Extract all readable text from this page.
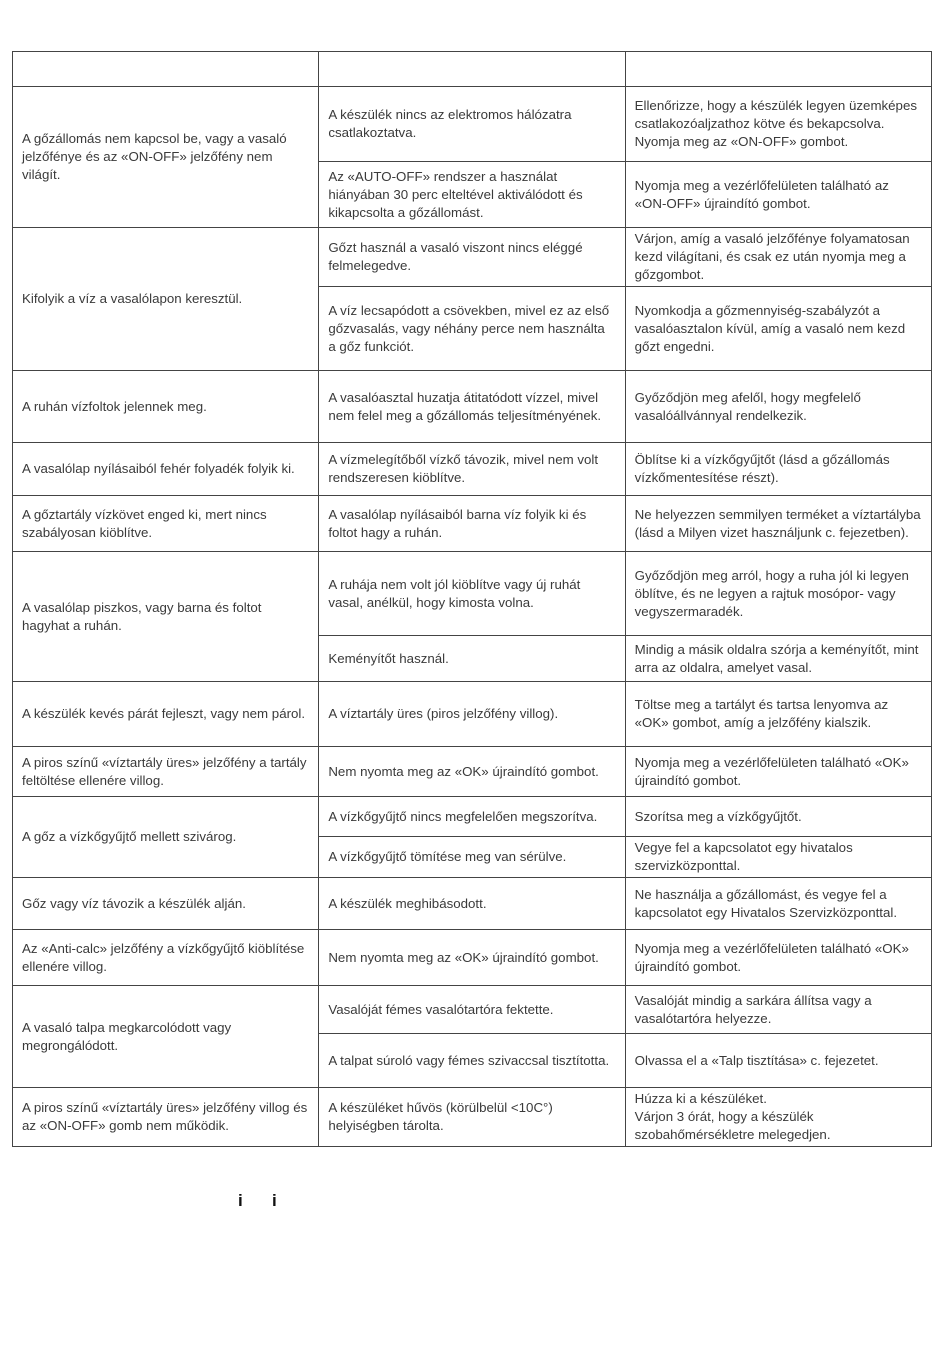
A gőzállomás nem kapcsol be, vagy a vasaló jelzőfénye és az «ON-OFF» jelzőfény nem világít.	A készülék nincs az elektromos hálózatra csatlakoztatva.	Ellenőrizze, hogy a készülék legyen üzemképes csatlakozóaljzathoz kötve és bekapcsolva. Nyomja meg az «ON-OFF» gombot.
	Az «AUTO-OFF» rendszer a használat hiányában 30 perc elteltével aktiválódott és kikapcsolta a gőzállomást.	Nyomja meg a vezérlőfelületen található az «ON-OFF» újraindító gombot.
Kifolyik a víz a vasalólapon keresztül.	Gőzt használ a vasaló viszont nincs eléggé felmelegedve.	Várjon, amíg a vasaló jelzőfénye folyamatosan kezd világítani, és csak ez után nyomja meg a gőzgombot.
	A víz lecsapódott a csövekben, mivel ez az első gőzvasalás, vagy néhány perce nem használta a gőz funkciót.	Nyomkodja a gőzmennyiség-szabályzót a vasalóasztalon kívül, amíg a vasaló nem kezd gőzt engedni.
A ruhán vízfoltok jelennek meg.	A vasalóasztal huzatja átitatódott vízzel, mivel nem felel meg a gőzállomás teljesítményének.	Győződjön meg afelől, hogy megfelelő vasalóállvánnyal rendelkezik.
A vasalólap nyílásaiból fehér folyadék folyik ki.	A vízmelegítőből vízkő távozik, mivel nem volt rendszeresen kiöblítve.	Öblítse ki a vízkőgyűjtőt (lásd a gőzállomás vízkőmentesítése részt).
A gőztartály vízkövet enged ki, mert nincs szabályosan kiöblítve.	A vasalólap nyílásaiból barna víz folyik ki és foltot hagy a ruhán.	Ne helyezzen semmilyen terméket a víztartályba (lásd a Milyen vizet használjunk c. fejezetben).
A vasalólap piszkos, vagy barna és foltot hagyhat a ruhán.	A ruhája nem volt jól kiöblítve vagy új ruhát vasal, anélkül, hogy kimosta volna.	Győződjön meg arról, hogy a ruha jól ki legyen öblítve, és ne legyen a rajtuk mosópor- vagy vegyszermaradék.
	Keményítőt használ.	Mindig a másik oldalra szórja a keményítőt, mint arra az oldalra, amelyet vasal.
A készülék kevés párát fejleszt, vagy nem párol.	A víztartály üres (piros jelzőfény villog).	Töltse meg a tartályt és tartsa lenyomva az «OK» gombot, amíg a jelzőfény kialszik.
A piros színű «víztartály üres» jelzőfény a tartály feltöltése ellenére villog.	Nem nyomta meg az «OK» újraindító gombot.	Nyomja meg a vezérlőfelületen található «OK» újraindító gombot.
A gőz a vízkőgyűjtő mellett szivárog.	A vízkőgyűjtő nincs megfelelően megszorítva.	Szorítsa meg a vízkőgyűjtőt.
	A vízkőgyűjtő tömítése meg van sérülve.	Vegye fel a kapcsolatot egy hivatalos szervizközponttal.
Gőz vagy víz távozik a készülék alján.	A készülék meghibásodott.	Ne használja a gőzállomást, és vegye fel a kapcsolatot egy Hivatalos Szervizközponttal.
Az «Anti-calc» jelzőfény a vízkőgyűjtő kiöblítése ellenére villog.	Nem nyomta meg az «OK» újraindító gombot.	Nyomja meg a vezérlőfelületen található «OK» újraindító gombot.
A vasaló talpa megkarcolódott vagy megrongálódott.	Vasalóját fémes vasalótartóra fektette.	Vasalóját mindig a sarkára állítsa vagy a vasalótartóra helyezze.
	A talpat súroló vagy fémes szivaccsal tisztította.	Olvassa el a «Talp tisztítása» c. fejezetet.
A piros színű «víztartály üres» jelzőfény villog és az «ON-OFF» gomb nem működik.	A készüléket hűvös (körülbelül <10C°) helyiségben tárolta.	Húzza ki a készüléket.
Várjon 3 órát, hogy a készülék szobahőmérsékletre melegedjen.
i i
